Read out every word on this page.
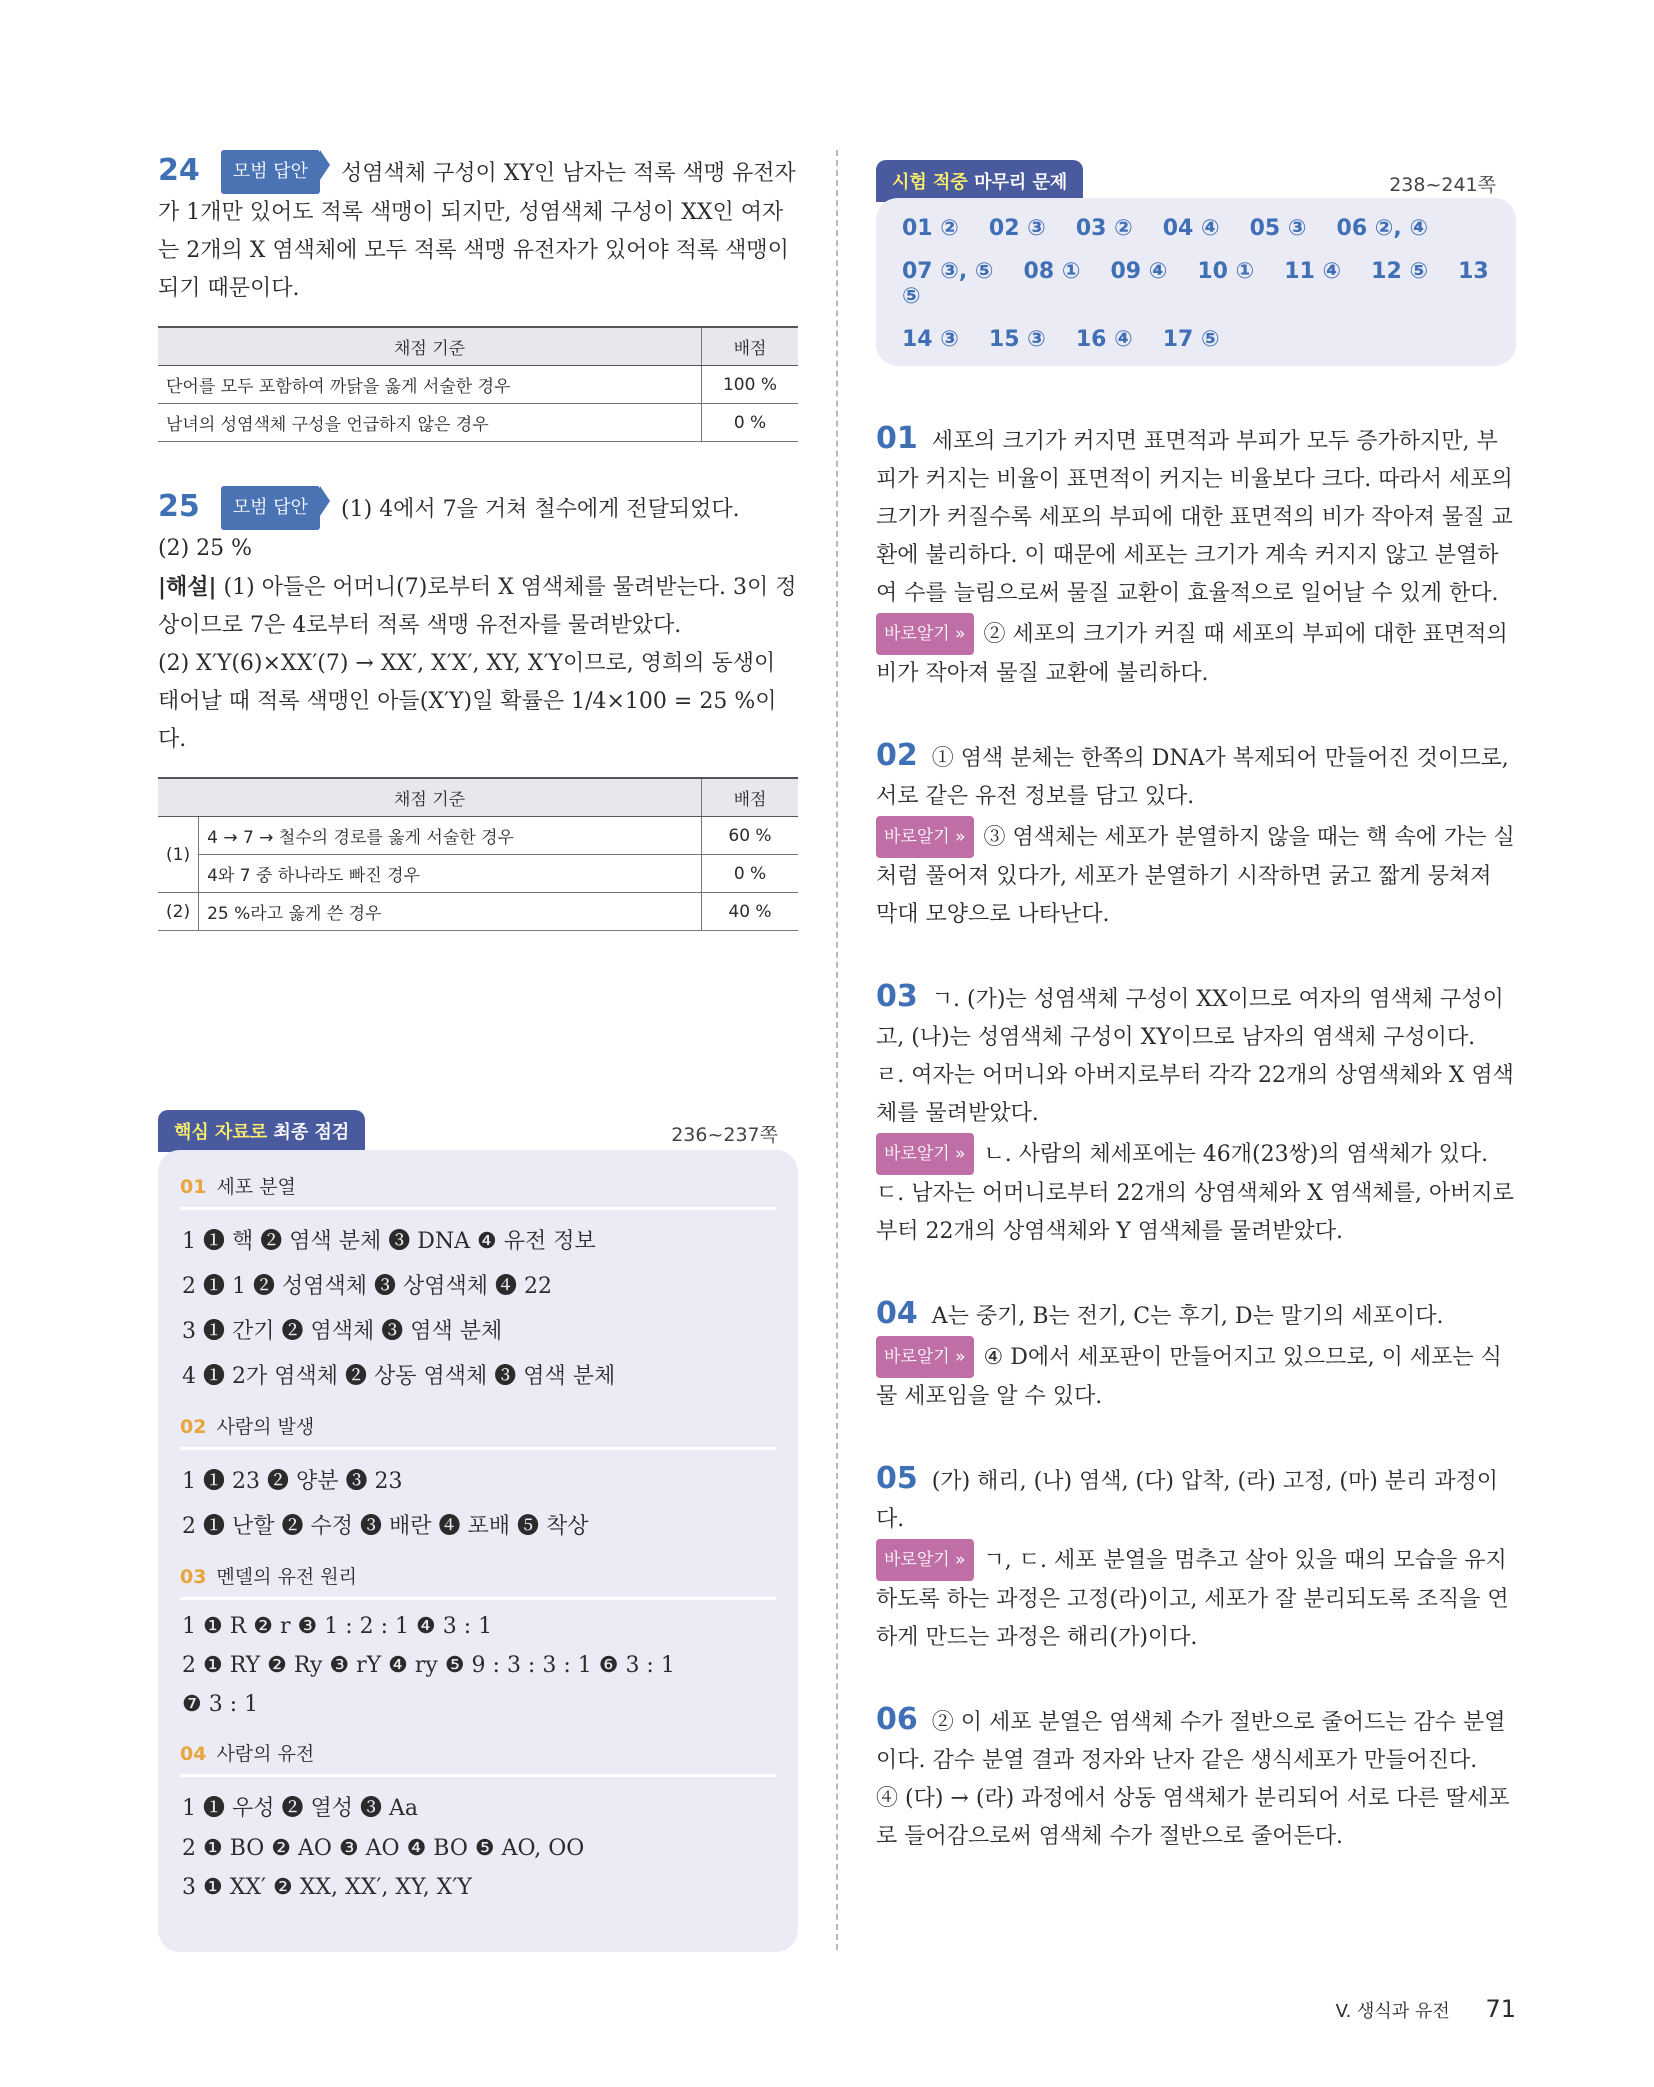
24 모범 답안 성염색체 구성이 XY인 남자는 적록 색맹 유전자가 1개만 있어도 적록 색맹이 되지만, 성염색체 구성이 XX인 여자는 2개의 X 염색체에 모두 적록 색맹 유전자가 있어야 적록 색맹이 되기 때문이다.

채점 기준	배점
단어를 모두 포함하여 까닭을 옳게 서술한 경우	100 %
남녀의 성염색체 구성을 언급하지 않은 경우	0 %

25 모범 답안 (1) 4에서 7을 거쳐 철수에게 전달되었다.

(2) 25 %

|해설| (1) 아들은 어머니(7)로부터 X 염색체를 물려받는다. 3이 정상이므로 7은 4로부터 적록 색맹 유전자를 물려받았다.

(2) X′Y(6)×XX′(7) → XX′, X′X′, XY, X′Y이므로, 영희의 동생이 태어날 때 적록 색맹인 아들(X′Y)일 확률은 1/4×100 = 25 %이다.

채점 기준		배점
(1)	4 → 7 → 철수의 경로를 옳게 서술한 경우	60 %
	4와 7 중 하나라도 빠진 경우	0 %
(2)	25 %라고 옳게 쓴 경우	40 %
핵심 자료로 최종 점검	236~237쪽
01 세포 분열
1 ❶ 핵 ❷ 염색 분체 ❸ DNA ❹ 유전 정보
2 ❶ 1 ❷ 성염색체 ❸ 상염색체 ❹ 22
3 ❶ 간기 ❷ 염색체 ❸ 염색 분체
4 ❶ 2가 염색체 ❷ 상동 염색체 ❸ 염색 분체
02 사람의 발생
1 ❶ 23 ❷ 양분 ❸ 23
2 ❶ 난할 ❷ 수정 ❸ 배란 ❹ 포배 ❺ 착상
03 멘델의 유전 원리
1 ❶ R ❷ r ❸ 1 : 2 : 1 ❹ 3 : 1
2 ❶ RY ❷ Ry ❸ rY ❹ ry ❺ 9 : 3 : 3 : 1 ❻ 3 : 1
❼ 3 : 1
04 사람의 유전
1 ❶ 우성 ❷ 열성 ❸ Aa
2 ❶ BO ❷ AO ❸ AO ❹ BO ❺ AO, OO
3 ❶ XX′ ❷ XX, XX′, XY, X′Y
시험 적중 마무리 문제	238~241쪽
01 ② 02 ③ 03 ② 04 ④ 05 ③ 06 ②, ④
07 ③, ⑤ 08 ① 09 ④ 10 ① 11 ④ 12 ⑤ 13 ⑤
14 ③ 15 ③ 16 ④ 17 ⑤

01 세포의 크기가 커지면 표면적과 부피가 모두 증가하지만, 부피가 커지는 비율이 표면적이 커지는 비율보다 크다. 따라서 세포의 크기가 커질수록 세포의 부피에 대한 표면적의 비가 작아져 물질 교환에 불리하다. 이 때문에 세포는 크기가 계속 커지지 않고 분열하여 수를 늘림으로써 물질 교환이 효율적으로 일어날 수 있게 한다.

바로알기 » ② 세포의 크기가 커질 때 세포의 부피에 대한 표면적의 비가 작아져 물질 교환에 불리하다.

02 ① 염색 분체는 한쪽의 DNA가 복제되어 만들어진 것이므로, 서로 같은 유전 정보를 담고 있다.

바로알기 » ③ 염색체는 세포가 분열하지 않을 때는 핵 속에 가는 실처럼 풀어져 있다가, 세포가 분열하기 시작하면 굵고 짧게 뭉쳐져 막대 모양으로 나타난다.

03 ㄱ. (가)는 성염색체 구성이 XX이므로 여자의 염색체 구성이고, (나)는 성염색체 구성이 XY이므로 남자의 염색체 구성이다.

ㄹ. 여자는 어머니와 아버지로부터 각각 22개의 상염색체와 X 염색체를 물려받았다.

바로알기 » ㄴ. 사람의 체세포에는 46개(23쌍)의 염색체가 있다.

ㄷ. 남자는 어머니로부터 22개의 상염색체와 X 염색체를, 아버지로부터 22개의 상염색체와 Y 염색체를 물려받았다.

04 A는 중기, B는 전기, C는 후기, D는 말기의 세포이다.

바로알기 » ④ D에서 세포판이 만들어지고 있으므로, 이 세포는 식물 세포임을 알 수 있다.

05 (가) 해리, (나) 염색, (다) 압착, (라) 고정, (마) 분리 과정이다.

바로알기 » ㄱ, ㄷ. 세포 분열을 멈추고 살아 있을 때의 모습을 유지하도록 하는 과정은 고정(라)이고, 세포가 잘 분리되도록 조직을 연하게 만드는 과정은 해리(가)이다.

06 ② 이 세포 분열은 염색체 수가 절반으로 줄어드는 감수 분열이다. 감수 분열 결과 정자와 난자 같은 생식세포가 만들어진다.

④ (다) → (라) 과정에서 상동 염색체가 분리되어 서로 다른 딸세포로 들어감으로써 염색체 수가 절반으로 줄어든다.

V. 생식과 유전 71
